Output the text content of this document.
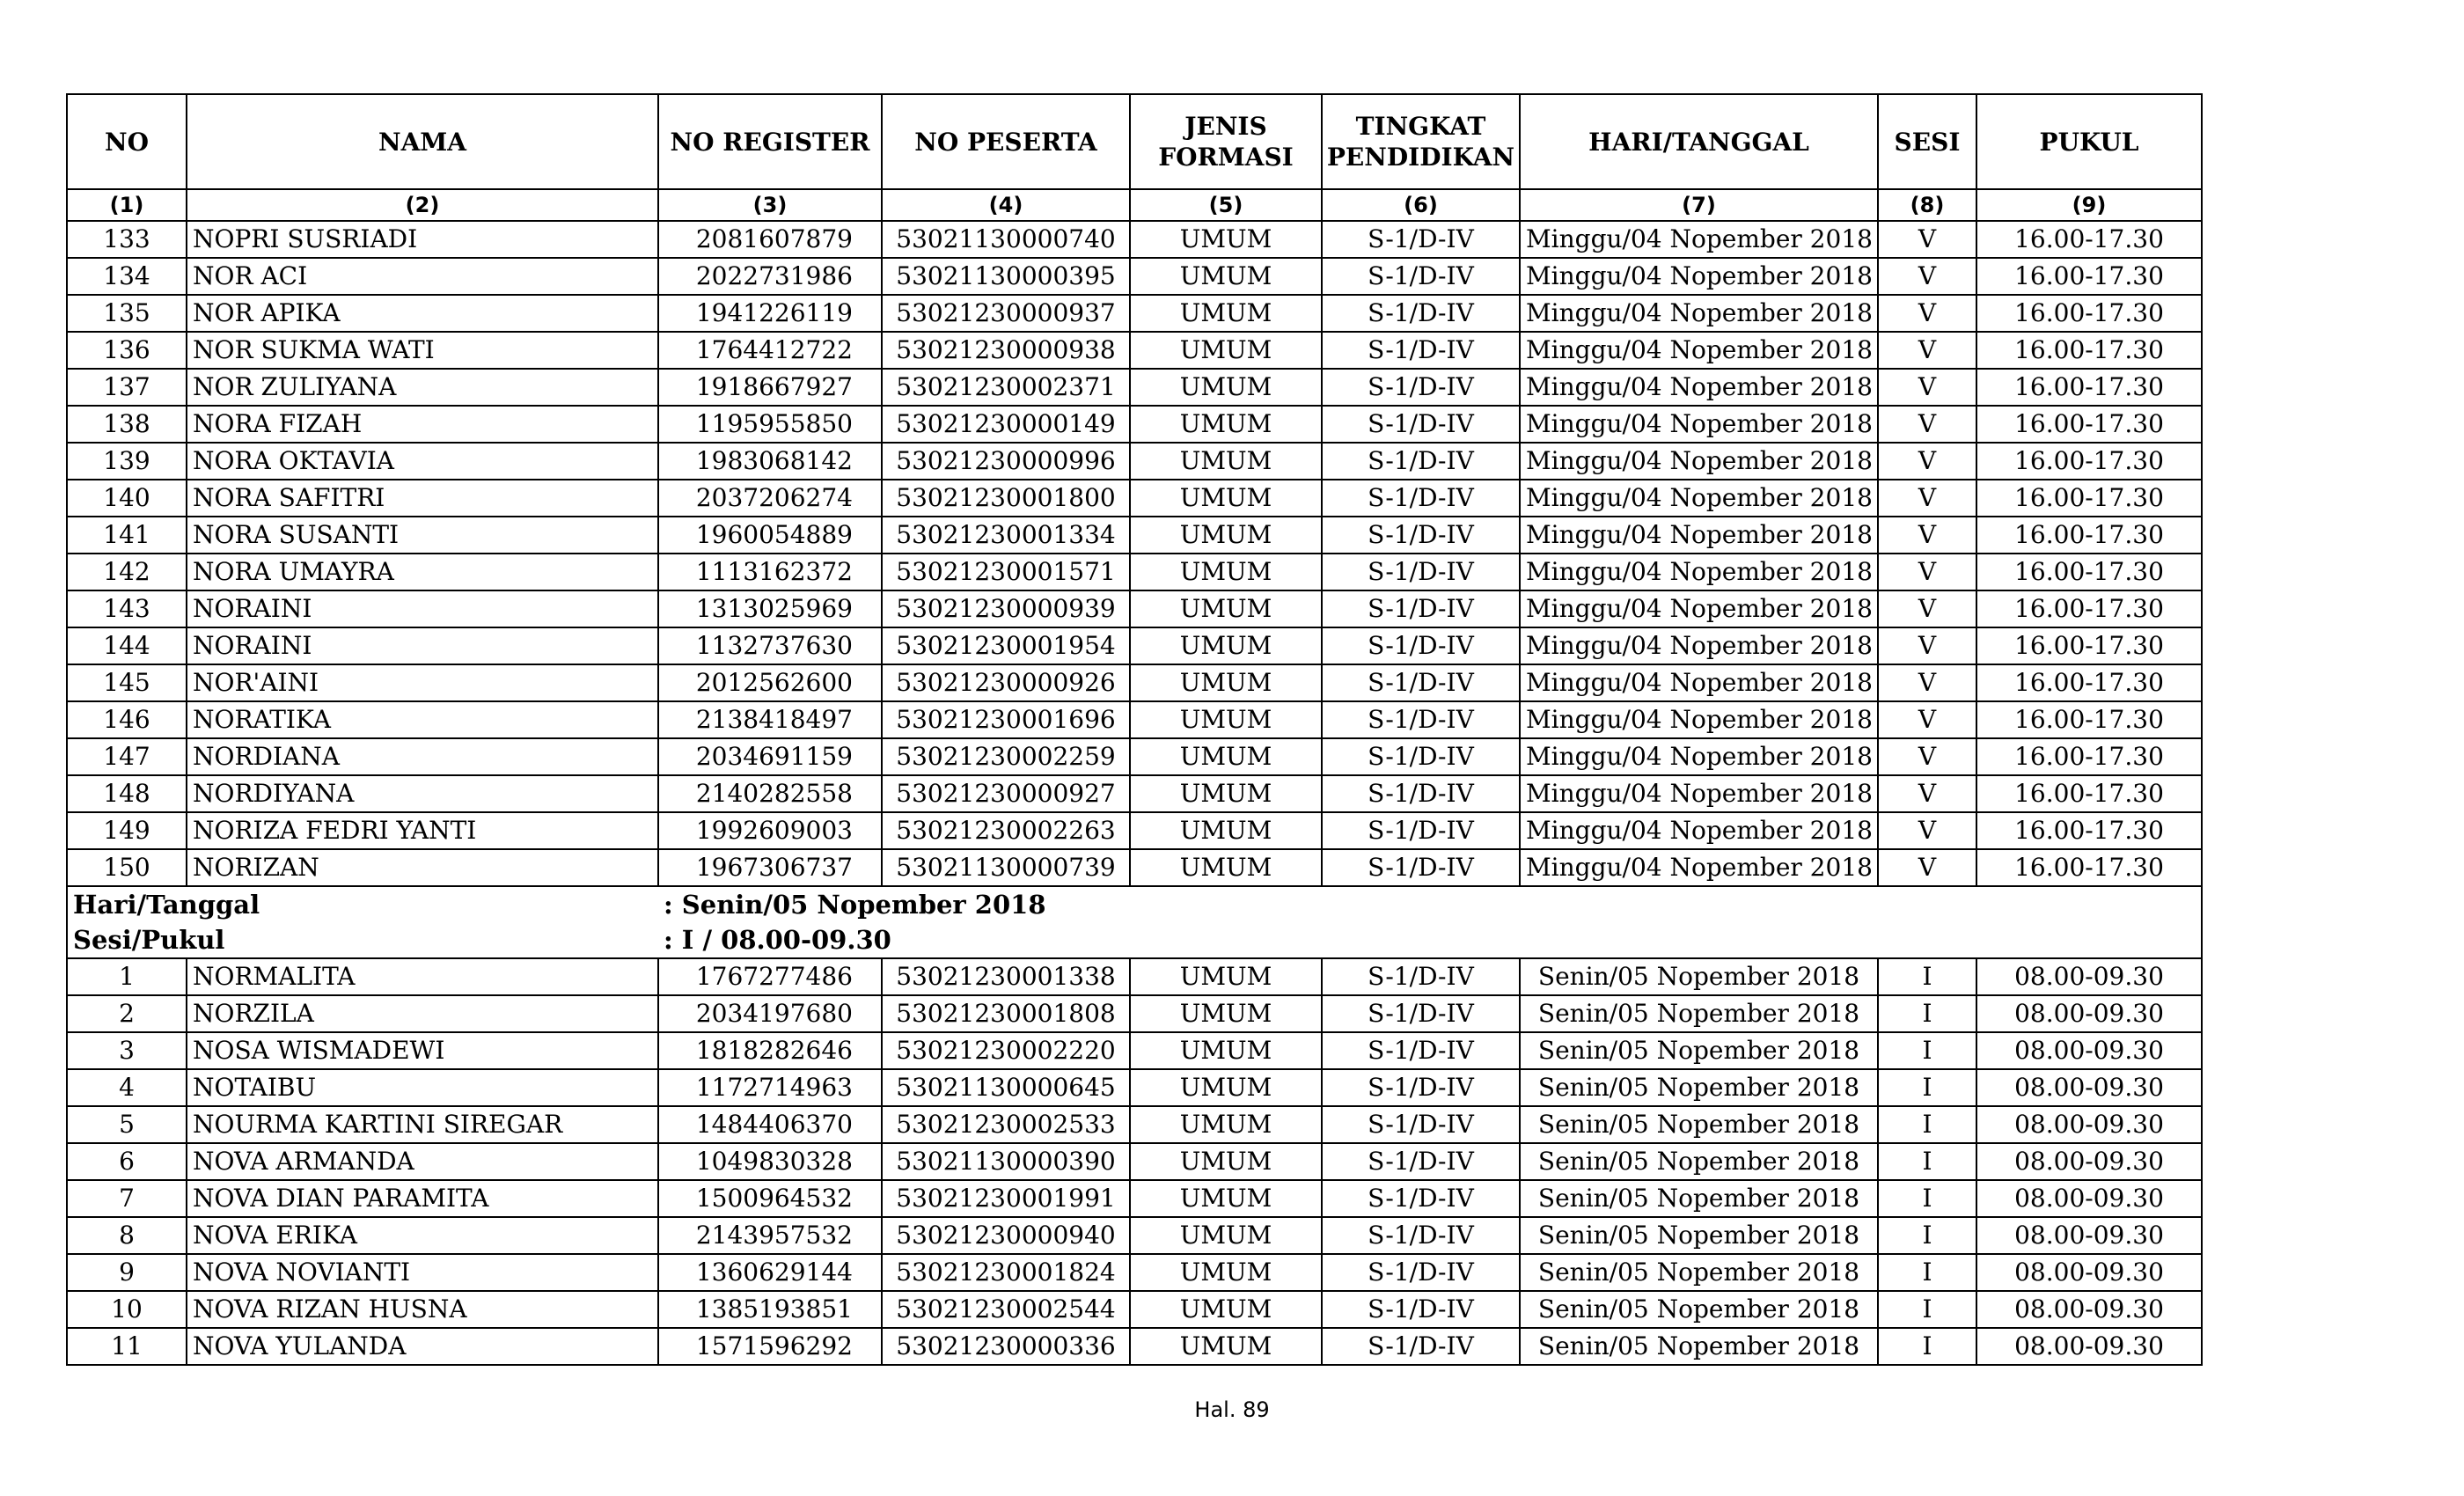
NO	NAMA	NO REGISTER	NO PESERTA	JENIS FORMASI	TINGKAT PENDIDIKAN	HARI/TANGGAL	SESI	PUKUL
(1)	(2)	(3)	(4)	(5)	(6)	(7)	(8)	(9)
133	NOPRI SUSRIADI	2081607879	53021130000740	UMUM	S-1/D-IV	Minggu/04 Nopember 2018	V	16.00-17.30
134	NOR ACI	2022731986	53021130000395	UMUM	S-1/D-IV	Minggu/04 Nopember 2018	V	16.00-17.30
135	NOR APIKA	1941226119	53021230000937	UMUM	S-1/D-IV	Minggu/04 Nopember 2018	V	16.00-17.30
136	NOR SUKMA WATI	1764412722	53021230000938	UMUM	S-1/D-IV	Minggu/04 Nopember 2018	V	16.00-17.30
137	NOR ZULIYANA	1918667927	53021230002371	UMUM	S-1/D-IV	Minggu/04 Nopember 2018	V	16.00-17.30
138	NORA FIZAH	1195955850	53021230000149	UMUM	S-1/D-IV	Minggu/04 Nopember 2018	V	16.00-17.30
139	NORA OKTAVIA	1983068142	53021230000996	UMUM	S-1/D-IV	Minggu/04 Nopember 2018	V	16.00-17.30
140	NORA SAFITRI	2037206274	53021230001800	UMUM	S-1/D-IV	Minggu/04 Nopember 2018	V	16.00-17.30
141	NORA SUSANTI	1960054889	53021230001334	UMUM	S-1/D-IV	Minggu/04 Nopember 2018	V	16.00-17.30
142	NORA UMAYRA	1113162372	53021230001571	UMUM	S-1/D-IV	Minggu/04 Nopember 2018	V	16.00-17.30
143	NORAINI	1313025969	53021230000939	UMUM	S-1/D-IV	Minggu/04 Nopember 2018	V	16.00-17.30
144	NORAINI	1132737630	53021230001954	UMUM	S-1/D-IV	Minggu/04 Nopember 2018	V	16.00-17.30
145	NOR'AINI	2012562600	53021230000926	UMUM	S-1/D-IV	Minggu/04 Nopember 2018	V	16.00-17.30
146	NORATIKA	2138418497	53021230001696	UMUM	S-1/D-IV	Minggu/04 Nopember 2018	V	16.00-17.30
147	NORDIANA	2034691159	53021230002259	UMUM	S-1/D-IV	Minggu/04 Nopember 2018	V	16.00-17.30
148	NORDIYANA	2140282558	53021230000927	UMUM	S-1/D-IV	Minggu/04 Nopember 2018	V	16.00-17.30
149	NORIZA FEDRI YANTI	1992609003	53021230002263	UMUM	S-1/D-IV	Minggu/04 Nopember 2018	V	16.00-17.30
150	NORIZAN	1967306737	53021130000739	UMUM	S-1/D-IV	Minggu/04 Nopember 2018	V	16.00-17.30
Hari/Tanggal		: Senin/05 Nopember 2018						
Sesi/Pukul		: I / 08.00-09.30						
1	NORMALITA	1767277486	53021230001338	UMUM	S-1/D-IV	Senin/05 Nopember 2018	I	08.00-09.30
2	NORZILA	2034197680	53021230001808	UMUM	S-1/D-IV	Senin/05 Nopember 2018	I	08.00-09.30
3	NOSA WISMADEWI	1818282646	53021230002220	UMUM	S-1/D-IV	Senin/05 Nopember 2018	I	08.00-09.30
4	NOTAIBU	1172714963	53021130000645	UMUM	S-1/D-IV	Senin/05 Nopember 2018	I	08.00-09.30
5	NOURMA KARTINI SIREGAR	1484406370	53021230002533	UMUM	S-1/D-IV	Senin/05 Nopember 2018	I	08.00-09.30
6	NOVA ARMANDA	1049830328	53021130000390	UMUM	S-1/D-IV	Senin/05 Nopember 2018	I	08.00-09.30
7	NOVA DIAN PARAMITA	1500964532	53021230001991	UMUM	S-1/D-IV	Senin/05 Nopember 2018	I	08.00-09.30
8	NOVA ERIKA	2143957532	53021230000940	UMUM	S-1/D-IV	Senin/05 Nopember 2018	I	08.00-09.30
9	NOVA NOVIANTI	1360629144	53021230001824	UMUM	S-1/D-IV	Senin/05 Nopember 2018	I	08.00-09.30
10	NOVA RIZAN HUSNA	1385193851	53021230002544	UMUM	S-1/D-IV	Senin/05 Nopember 2018	I	08.00-09.30
11	NOVA YULANDA	1571596292	53021230000336	UMUM	S-1/D-IV	Senin/05 Nopember 2018	I	08.00-09.30
Hal. 89
